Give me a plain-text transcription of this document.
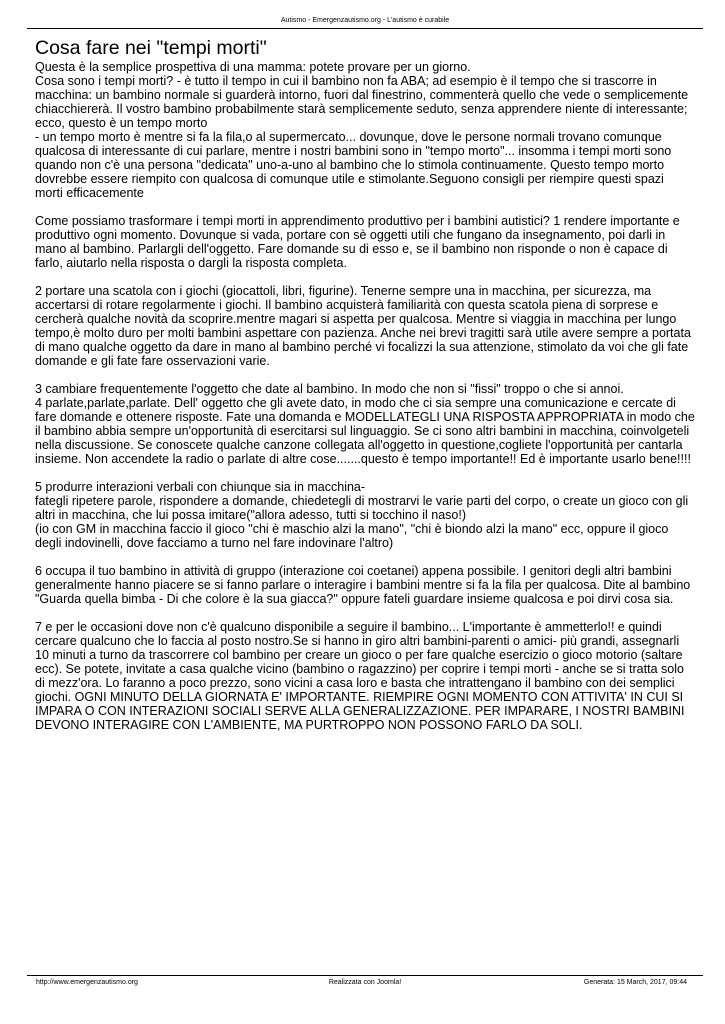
Autismo - Emergenzautismo.org - L'autismo è curabile
Cosa fare nei "tempi morti"

Questa è la semplice prospettiva di una mamma: potete provare per un giorno.
Cosa sono i tempi morti? - è tutto il tempo in cui il bambino non fa ABA; ad esempio è il tempo che si trascorre in macchina: un bambino normale si guarderà intorno, fuori dal finestrino, commenterà quello che vede o semplicemente chiacchiererà. Il vostro bambino probabilmente starà semplicemente seduto, senza apprendere niente di interessante; ecco, questo è un tempo morto
- un tempo morto è mentre si fa la fila,o al supermercato... dovunque, dove le persone normali trovano comunque qualcosa di interessante di cui parlare, mentre i nostri bambini sono in "tempo morto"... insomma i tempi morti sono quando non c'è una persona "dedicata" uno-a-uno al bambino che lo stimola continuamente. Questo tempo morto dovrebbe essere riempito con qualcosa di comunque utile e stimolante.Seguono consigli per riempire questi spazi morti efficacemente

Come possiamo trasformare i tempi morti in apprendimento produttivo per i bambini autistici? 1 rendere importante e produttivo ogni momento. Dovunque si vada, portare con sè oggetti utili che fungano da insegnamento, poi darli in mano al bambino. Parlargli dell'oggetto. Fare domande su di esso e, se il bambino non risponde o non è capace di farlo, aiutarlo nella risposta o dargli la risposta completa.

2 portare una scatola con i giochi (giocattoli, libri, figurine). Tenerne sempre una in macchina, per sicurezza, ma accertarsi di rotare regolarmente i giochi. Il bambino acquisterà familiarità con questa scatola piena di sorprese e cercherà qualche novità da scoprire.mentre magari si aspetta per qualcosa. Mentre si viaggia in macchina per lungo tempo,è molto duro per molti bambini aspettare con pazienza. Anche nei brevi tragitti sarà utile avere sempre a portata di mano qualche oggetto da dare in mano al bambino perché vi focalizzi la sua attenzione, stimolato da voi che gli fate domande e gli fate fare osservazioni varie.

3 cambiare frequentemente l'oggetto che date al bambino. In modo che non si "fissi" troppo o che si annoi.
4 parlate,parlate,parlate. Dell' oggetto che gli avete dato, in modo che ci sia sempre una comunicazione e cercate di fare domande e ottenere risposte. Fate una domanda e MODELLATEGLI UNA RISPOSTA APPROPRIATA in modo che il bambino abbia sempre un'opportunità di esercitarsi sul linguaggio. Se ci sono altri bambini in macchina, coinvolgeteli nella discussione. Se conoscete qualche canzone collegata all'oggetto in questione,cogliete l'opportunità per cantarla insieme. Non accendete la radio o parlate di altre cose.......questo è tempo importante!! Ed è importante usarlo bene!!!!

5 produrre interazioni verbali con chiunque sia in macchina-
fategli ripetere parole, rispondere a domande, chiedetegli di mostrarvi le varie parti del corpo, o create un gioco con gli altri in macchina, che lui possa imitare("allora adesso, tutti si tocchino il naso!)
(io con GM in macchina faccio il gioco "chi è maschio alzi la mano", "chi è biondo alzi la mano" ecc, oppure il gioco degli indovinelli, dove facciamo a turno nel fare indovinare l'altro)

6 occupa il tuo bambino in attività di gruppo (interazione coi coetanei) appena possibile. I genitori degli altri bambini generalmente hanno piacere se si fanno parlare o interagire i bambini mentre si fa la fila per qualcosa. Dite al bambino "Guarda quella bimba - Di che colore è la sua giacca?" oppure fateli guardare insieme qualcosa e poi dirvi cosa sia.

7 e per le occasioni dove non c'è qualcuno disponibile a seguire il bambino... L'importante è ammetterlo!! e quindi cercare qualcuno che lo faccia al posto nostro.Se si hanno in giro altri bambini-parenti o amici- più grandi, assegnarli 10 minuti a turno da trascorrere col bambino per creare un gioco o per fare qualche esercizio o gioco motorio (saltare ecc). Se potete, invitate a casa qualche vicino (bambino o ragazzino) per coprire i tempi morti - anche se si tratta solo di mezz'ora. Lo faranno a poco prezzo, sono vicini a casa loro e basta che intrattengano il bambino con dei semplici giochi. OGNI MINUTO DELLA GIORNATA E' IMPORTANTE. RIEMPIRE OGNI MOMENTO CON ATTIVITA' IN CUI SI IMPARA O CON INTERAZIONI SOCIALI SERVE ALLA GENERALIZZAZIONE. PER IMPARARE, I NOSTRI BAMBINI DEVONO INTERAGIRE CON L'AMBIENTE, MA PURTROPPO NON POSSONO FARLO DA SOLI.

http://www.emergenzautismo.org	Realizzata con Joomla!	Generata: 15 March, 2017, 09:44
